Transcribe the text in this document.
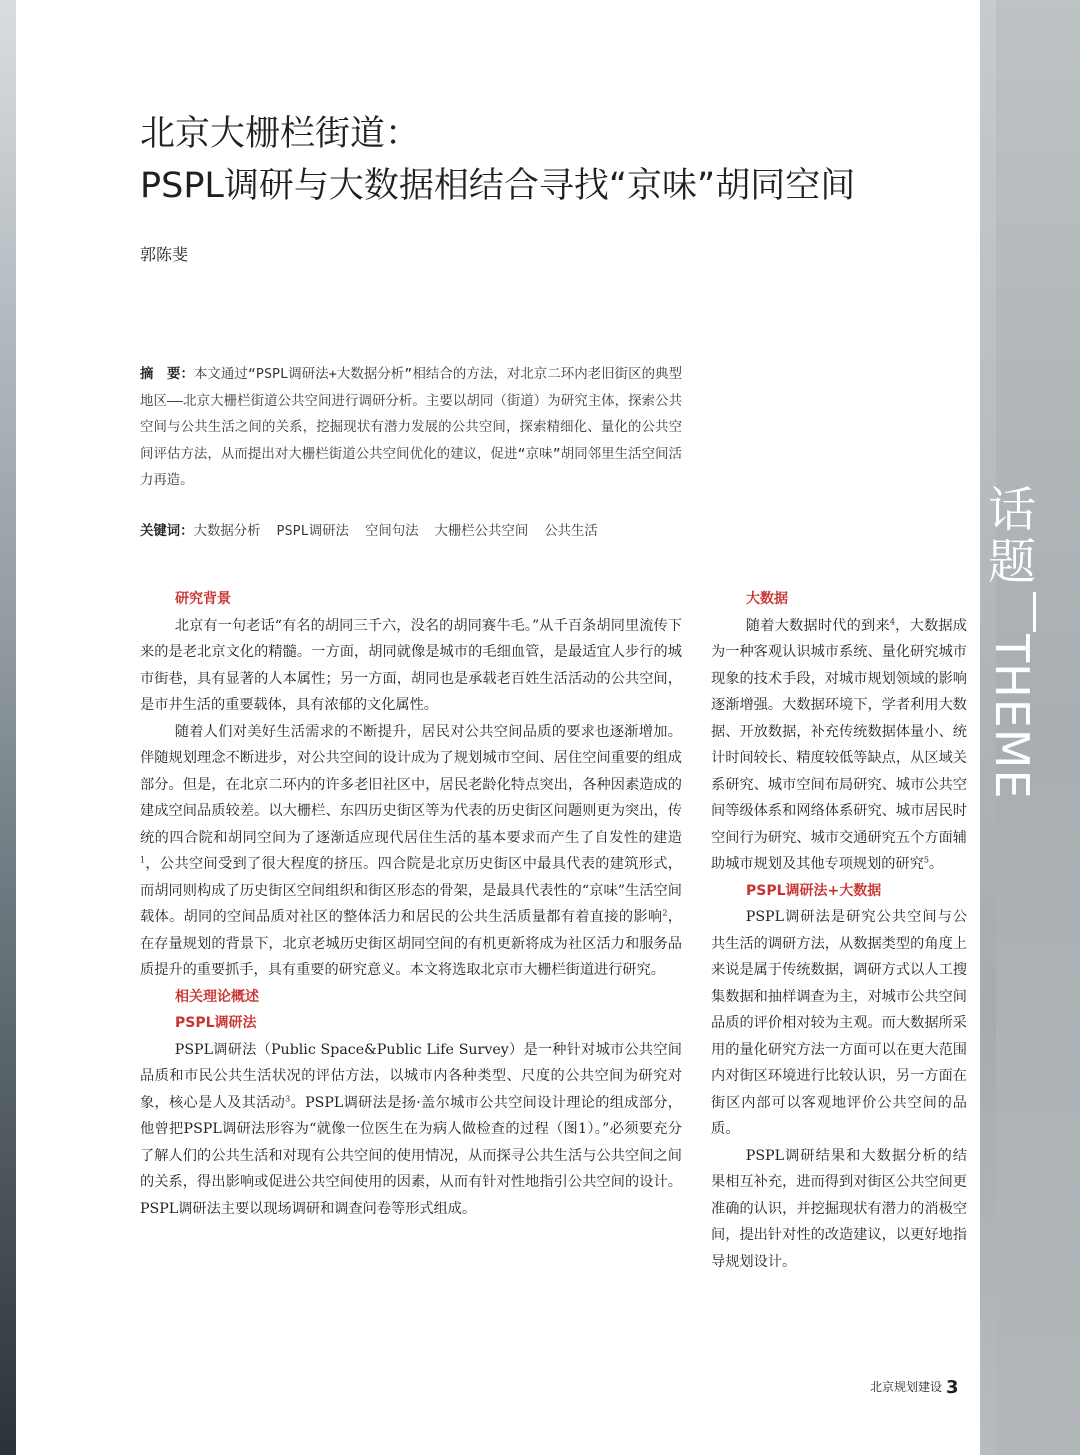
话题
THEME
北京大栅栏街道：
PSPL调研与大数据相结合寻找“京味”胡同空间
郭陈斐
摘　要：本文通过“PSPL调研法+大数据分析”相结合的方法，对北京二环内老旧街区的典型地区——北京大栅栏街道公共空间进行调研分析。主要以胡同（街道）为研究主体，探索公共空间与公共生活之间的关系，挖掘现状有潜力发展的公共空间，探索精细化、量化的公共空间评估方法，从而提出对大栅栏街道公共空间优化的建议，促进“京味”胡同邻里生活空间活力再造。
关键词：大数据分析 PSPL调研法 空间句法 大栅栏公共空间 公共生活
研究背景

北京有一句老话“有名的胡同三千六，没名的胡同赛牛毛。”从千百条胡同里流传下来的是老北京文化的精髓。一方面，胡同就像是城市的毛细血管，是最适宜人步行的城市街巷，具有显著的人本属性；另一方面，胡同也是承载老百姓生活活动的公共空间，是市井生活的重要载体，具有浓郁的文化属性。

随着人们对美好生活需求的不断提升，居民对公共空间品质的要求也逐渐增加。伴随规划理念不断进步，对公共空间的设计成为了规划城市空间、居住空间重要的组成部分。但是，在北京二环内的许多老旧社区中，居民老龄化特点突出，各种因素造成的建成空间品质较差。以大栅栏、东四历史街区等为代表的历史街区问题则更为突出，传统的四合院和胡同空间为了逐渐适应现代居住生活的基本要求而产生了自发性的建造$^1$，公共空间受到了很大程度的挤压。四合院是北京历史街区中最具代表的建筑形式，而胡同则构成了历史街区空间组织和街区形态的骨架，是最具代表性的“京味”生活空间载体。胡同的空间品质对社区的整体活力和居民的公共生活质量都有着直接的影响$^2$，在存量规划的背景下，北京老城历史街区胡同空间的有机更新将成为社区活力和服务品质提升的重要抓手，具有重要的研究意义。本文将选取北京市大栅栏街道进行研究。

相关理论概述
PSPL调研法

PSPL调研法（Public Space&Public Life Survey）是一种针对城市公共空间品质和市民公共生活状况的评估方法，以城市内各种类型、尺度的公共空间为研究对象，核心是人及其活动$^3$。PSPL调研法是扬·盖尔城市公共空间设计理论的组成部分，他曾把PSPL调研法形容为“就像一位医生在为病人做检查的过程（图1）。”必须要充分了解人们的公共生活和对现有公共空间的使用情况，从而探寻公共生活与公共空间之间的关系，得出影响或促进公共空间使用的因素，从而有针对性地指引公共空间的设计。PSPL调研法主要以现场调研和调查问卷等形式组成。

大数据

随着大数据时代的到来$^4$，大数据成为一种客观认识城市系统、量化研究城市现象的技术手段，对城市规划领域的影响逐渐增强。大数据环境下，学者利用大数据、开放数据，补充传统数据体量小、统计时间较长、精度较低等缺点，从区域关系研究、城市空间布局研究、城市公共空间等级体系和网络体系研究、城市居民时空间行为研究、城市交通研究五个方面辅助城市规划及其他专项规划的研究$^5$。

PSPL调研法+大数据

PSPL调研法是研究公共空间与公共生活的调研方法，从数据类型的角度上来说是属于传统数据，调研方式以人工搜集数据和抽样调查为主，对城市公共空间品质的评价相对较为主观。而大数据所采用的量化研究方法一方面可以在更大范围内对街区环境进行比较认识，另一方面在街区内部可以客观地评价公共空间的品质。

PSPL调研结果和大数据分析的结果相互补充，进而得到对街区公共空间更准确的认识，并挖掘现状有潜力的消极空间，提出针对性的改造建议，以更好地指导规划设计。

北京规划建设 3
